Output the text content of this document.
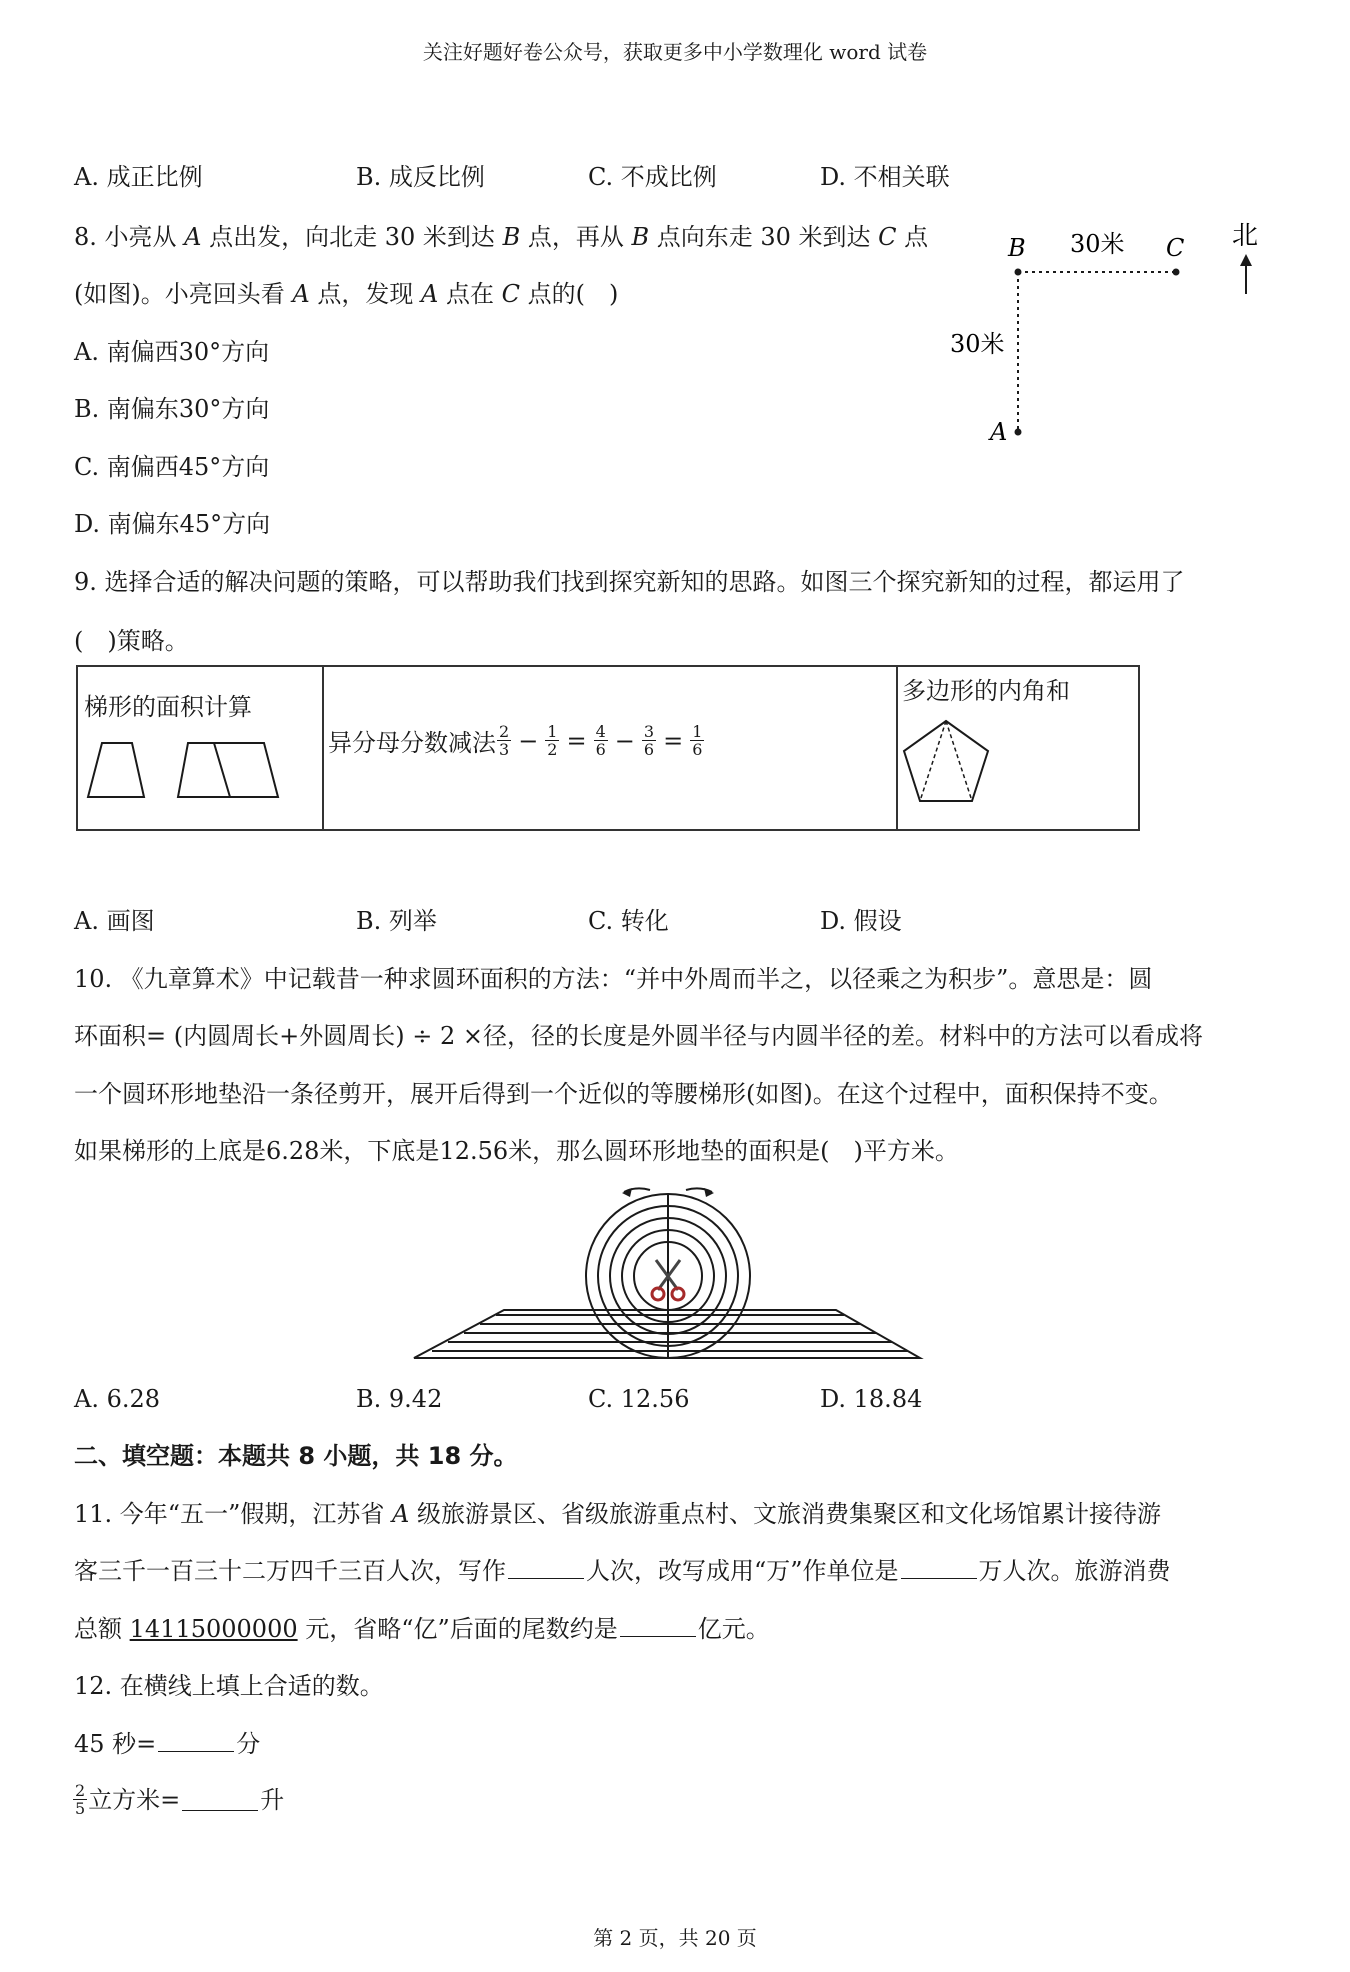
关注好题好卷公众号，获取更多中小学数理化 word 试卷
A. 成正比例	B. 成反比例	C. 不成比例	D. 不相关联
8. 小亮从 A 点出发，向北走 30 米到达 B 点，再从 B 点向东走 30 米到达 C 点
(如图)。小亮回头看 A 点，发现 A 点在 C 点的(　)
A. 南偏西30°方向
B. 南偏东30°方向
C. 南偏西45°方向
D. 南偏东45°方向
B	C
30米
30米
A
北
9. 选择合适的解决问题的策略，可以帮助我们找到探究新知的思路。如图三个探究新知的过程，都运用了
(　)策略。
梯形的面积计算
异分母分数减法 $\frac{2}{3} - \frac{1}{2} = \frac{4}{6} - \frac{3}{6} = \frac{1}{6}$
多边形的内角和
A. 画图	B. 列举	C. 转化	D. 假设
10. 《九章算术》中记载昔一种求圆环面积的方法：“并中外周而半之，以径乘之为积步”。意思是：圆
环面积= (内圆周长+外圆周长) ÷ 2 ×径，径的长度是外圆半径与内圆半径的差。材料中的方法可以看成将
一个圆环形地垫沿一条径剪开，展开后得到一个近似的等腰梯形(如图)。在这个过程中，面积保持不变。
如果梯形的上底是6.28米，下底是12.56米，那么圆环形地垫的面积是(　)平方米。
A. 6.28	B. 9.42	C. 12.56	D. 18.84
二、填空题：本题共 8 小题，共 18 分。
11. 今年“五一”假期，江苏省 A 级旅游景区、省级旅游重点村、文旅消费集聚区和文化场馆累计接待游
客三千一百三十二万四千三百人次，写作	人次，改写成用“万”作单位是	万人次。旅游消费
总额 14115000000 元，省略“亿”后面的尾数约是	亿元。
12. 在横线上填上合适的数。
45 秒=	分
$\frac{2}{5}$ 立方米=	升
第 2 页，共 20 页
